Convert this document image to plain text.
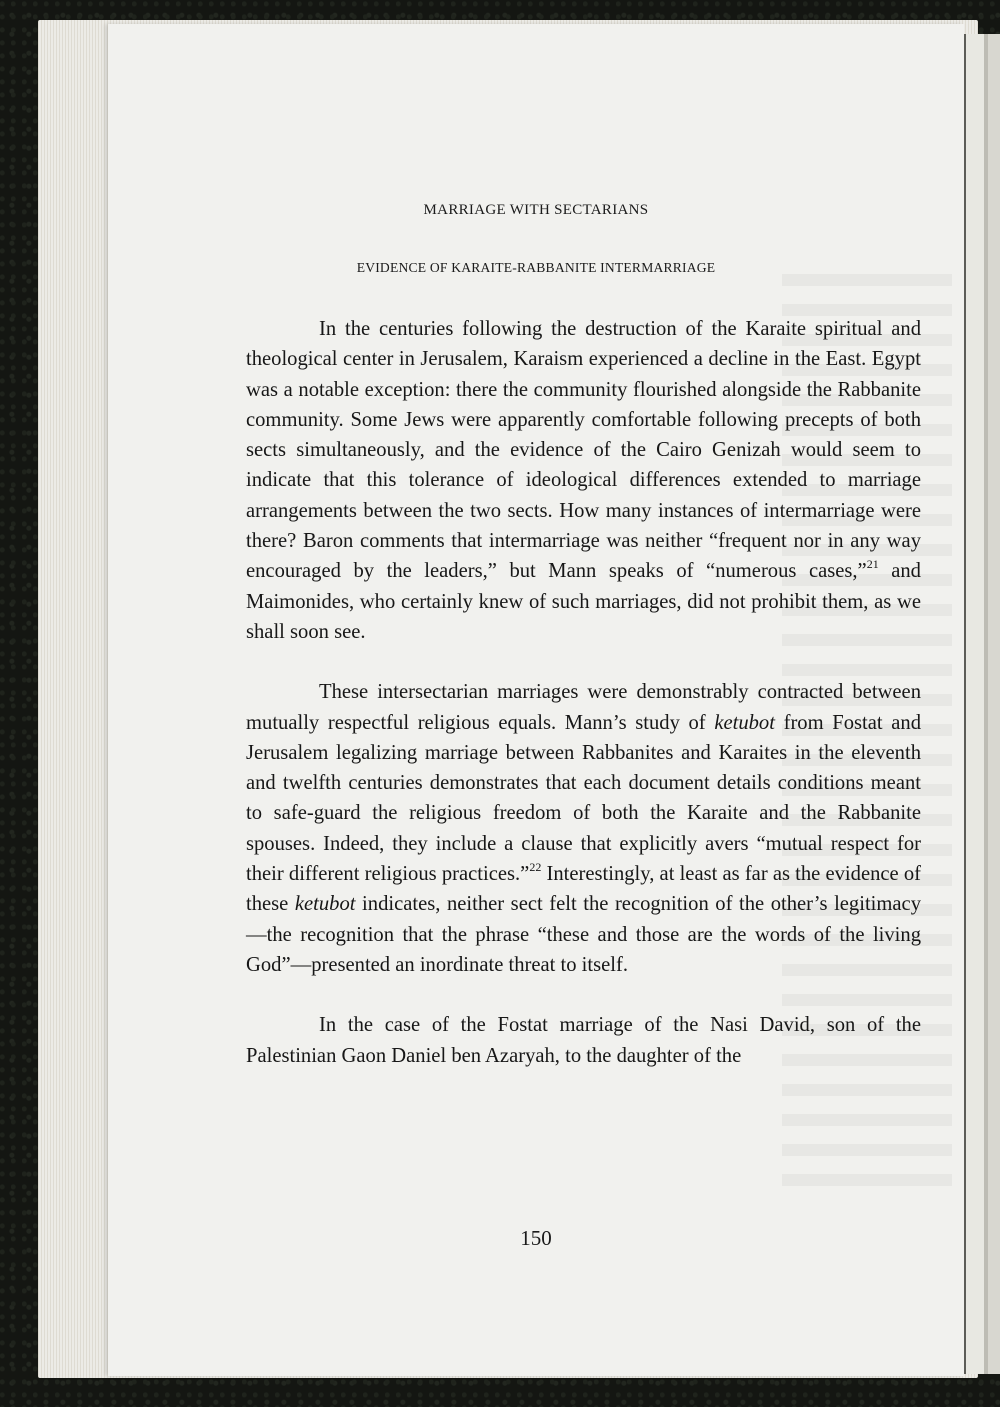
MARRIAGE WITH SECTARIANS
EVIDENCE OF KARAITE-RABBANITE INTERMARRIAGE

In the centuries following the destruction of the Karaite spiritual and theological center in Jerusalem, Karaism experienced a decline in the East. Egypt was a notable exception: there the community flourished alongside the Rabbanite community. Some Jews were apparently comfortable following precepts of both sects simultaneously, and the evidence of the Cairo Genizah would seem to indicate that this tolerance of ideological differences extended to marriage arrangements between the two sects. How many instances of intermarriage were there? Baron comments that intermarriage was neither “frequent nor in any way encouraged by the leaders,” but Mann speaks of “numerous cases,”$^{21}$ and Maimonides, who certainly knew of such marriages, did not prohibit them, as we shall soon see.

These intersectarian marriages were demonstrably contracted between mutually respectful religious equals. Mann’s study of ketubot from Fostat and Jerusalem legalizing marriage between Rabbanites and Karaites in the eleventh and twelfth centuries demonstrates that each document details conditions meant to safe-guard the religious freedom of both the Karaite and the Rabbanite spouses. Indeed, they include a clause that explicitly avers “mutual respect for their different religious practices.”$^{22}$ Interestingly, at least as far as the evidence of these ketubot indicates, neither sect felt the recognition of the other’s legitimacy—the recognition that the phrase “these and those are the words of the living God”—presented an inordinate threat to itself.

In the case of the Fostat marriage of the Nasi David, son of the Palestinian Gaon Daniel ben Azaryah, to the daughter of the

150
